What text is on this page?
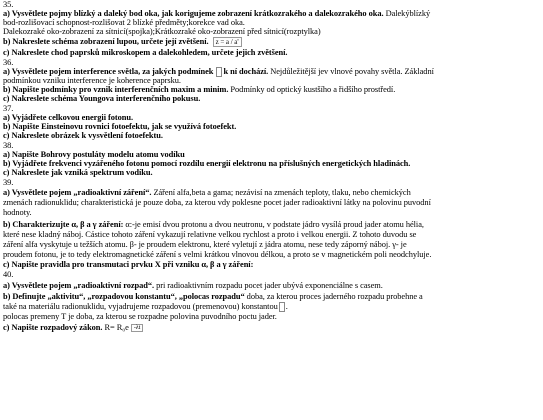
35.
a) Vysvětlete pojmy blízký a daleký bod oka, jak korigujeme zobrazení krátkozrakého a dalekozrakého oka. Dalekýblízký
bod-rozlišovací schopnost-rozlišovat 2 blízké předměty;korekce vad oka.
Dalekozraké oko-zobrazení za sítnicí(spojka);Krátkozraké oko-zobrazení před sítnicí(rozptylka)
b) Nakreslete schéma zobrazení lupou, určete její zvětšení. z = a / a'
c) Nakreslete chod paprsků mikroskopem a dalekohledem, určete jejich zvětšení.
36.
a) Vysvětlete pojem interference světla, za jakých podmínek k ní dochází. Nejdůležitější jev vlnové povahy světla. Základní
podmínkou vzniku interference je koherence paprsku.
b) Napište podmínky pro vznik interferenčních maxim a minim. Podmínky od optický kustšího a řidšího prostředí.
c) Nakreslete schéma Youngova interferenčního pokusu.
37.
a) Vyjádřete celkovou energii fotonu.
b) Napište Einsteinovu rovnici fotoefektu, jak se využívá fotoefekt.
c) Nakreslete obrázek k vysvětlení fotoefektu.
38.
a) Napište Bohrovy postuláty modelu atomu vodíku
b) Vyjádřete frekvenci vyzářeného fotonu pomocí rozdílu energií elektronu na příslušných energetických hladinách.
c) Nakreslete jak vzniká spektrum vodíku.
39.
a) Vysvětlete pojem „radioaktivní záření“. Záření alfa,beta a gama; nezávisí na zmenách teploty, tlaku, nebo chemických
zmenách radionuklidu; charakteristická je pouze doba, za kterou vdy poklesne pocet jader radioaktivní látky na polovinu puvodní
hodnoty.
b) Charakterizujte α, β a γ záření: α:-je emisí dvou protonu a dvou neutronu, v podstate jádro vysílá proud jader atomu hélia,
které nese kladný náboj. Cástice tohoto záření vykazují relativne velkou rychlost a proto i velkou energii. Z tohoto duvodu se
záření alfa vyskytuje u težších atomu. β- je proudem elektronu, které vyletují z jádra atomu, nese tedy záporný náboj. γ- je
proudem fotonu, je to tedy elektromagnetické záření s velmi krátkou vlnovou délkou, a proto se v magnetickém poli neodchyluje.
c) Napište pravidla pro transmutaci prvku X při vzniku α, β a γ záření:
40.
a) Vysvětlete pojem „radioaktivní rozpad“. pri radioaktivním rozpadu pocet jader ubývá exponenciálne s casem.
b) Definujte „aktivitu“, „rozpadovou konstantu“, „polocas rozpadu“ doba, za kterou proces jaderného rozpadu probehne a
také na materiálu radionuklidu, vyjadrujeme rozpadovou (premenovou) konstantou .
polocas premeny T je doba, za kterou se rozpadne polovina puvodního poctu jader.
c) Napište rozpadový zákon. R= R₀e -λt
